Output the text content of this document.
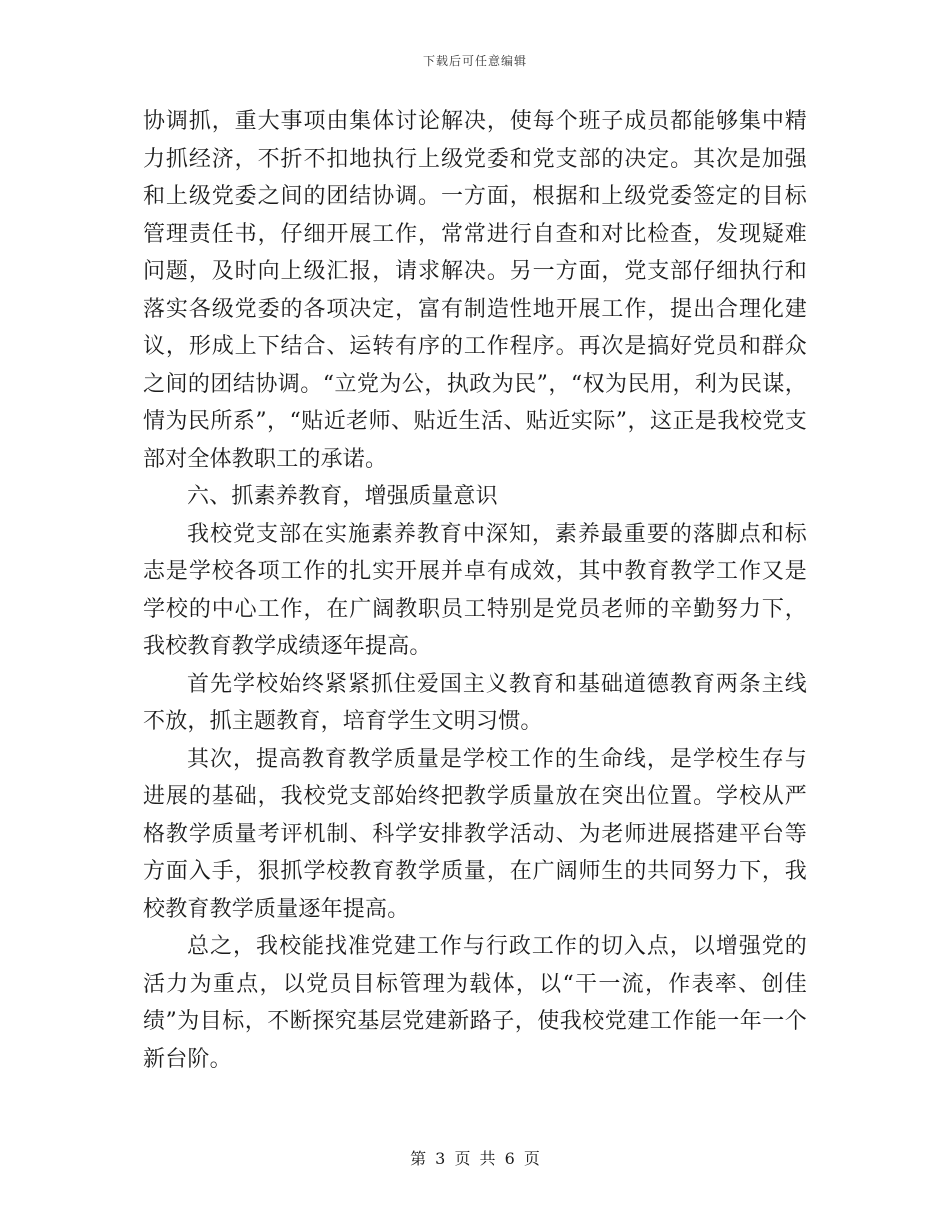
下载后可任意编辑

协调抓，重大事项由集体讨论解决，使每个班子成员都能够集中精力抓经济，不折不扣地执行上级党委和党支部的决定。其次是加强和上级党委之间的团结协调。一方面，根据和上级党委签定的目标管理责任书，仔细开展工作，常常进行自查和对比检查，发现疑难问题，及时向上级汇报，请求解决。另一方面，党支部仔细执行和落实各级党委的各项决定，富有制造性地开展工作，提出合理化建议，形成上下结合、运转有序的工作程序。再次是搞好党员和群众之间的团结协调。“立党为公，执政为民”，“权为民用，利为民谋，情为民所系”，“贴近老师、贴近生活、贴近实际”，这正是我校党支部对全体教职工的承诺。

六、抓素养教育，增强质量意识

我校党支部在实施素养教育中深知，素养最重要的落脚点和标志是学校各项工作的扎实开展并卓有成效，其中教育教学工作又是学校的中心工作，在广阔教职员工特别是党员老师的辛勤努力下，我校教育教学成绩逐年提高。

首先学校始终紧紧抓住爱国主义教育和基础道德教育两条主线不放，抓主题教育，培育学生文明习惯。

其次，提高教育教学质量是学校工作的生命线，是学校生存与进展的基础，我校党支部始终把教学质量放在突出位置。学校从严格教学质量考评机制、科学安排教学活动、为老师进展搭建平台等方面入手，狠抓学校教育教学质量，在广阔师生的共同努力下，我校教育教学质量逐年提高。

总之，我校能找准党建工作与行政工作的切入点，以增强党的活力为重点，以党员目标管理为载体，以“干一流，作表率、创佳绩”为目标，不断探究基层党建新路子，使我校党建工作能一年一个新台阶。

第 3 页 共 6 页
